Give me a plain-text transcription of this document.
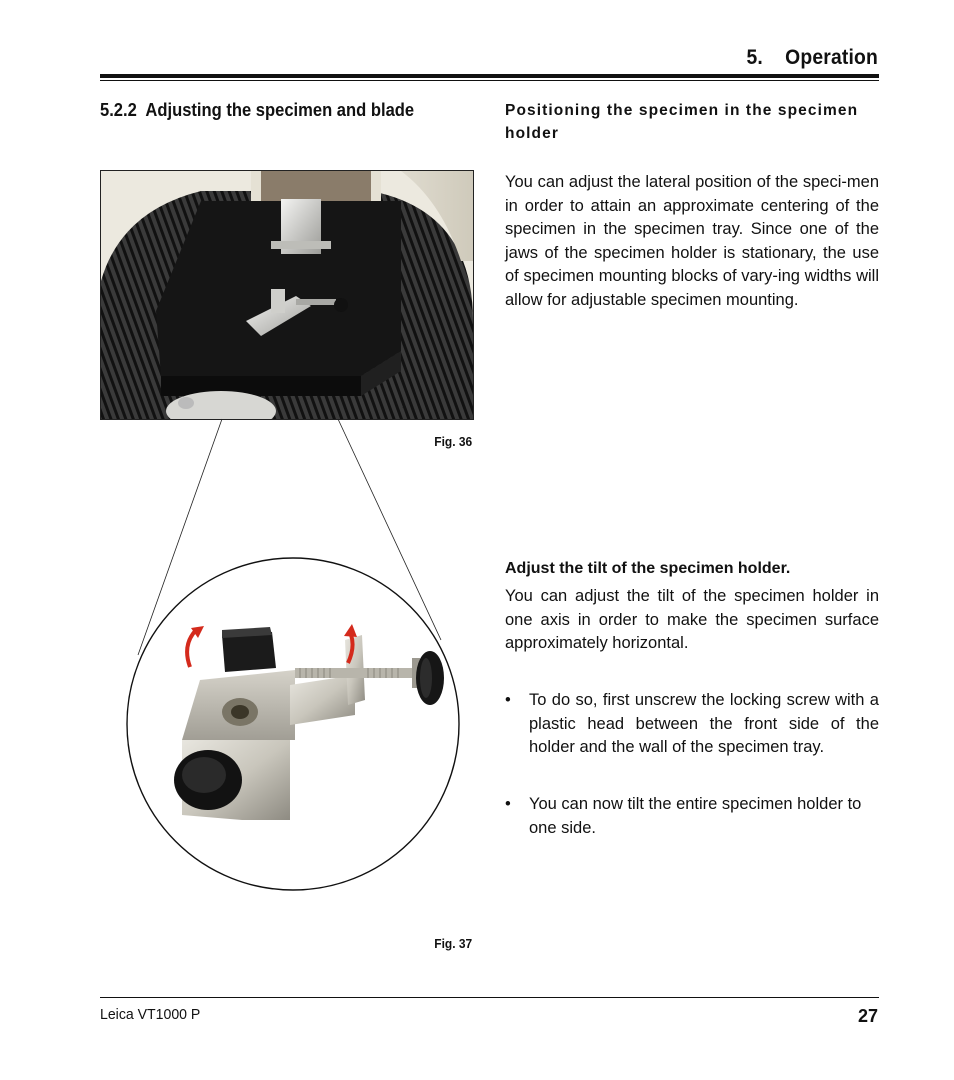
5.    Operation
5.2.2  Adjusting the specimen and blade
Fig. 36
Fig. 37

Positioning the specimen in the specimen holder

You can adjust the lateral position of the speci-men in order to attain an approximate centering of the specimen in the specimen tray. Since one of the jaws of the specimen holder is stationary, the use of specimen mounting blocks of vary-ing widths will allow for adjustable specimen mounting.

Adjust the tilt of the specimen holder.

You can adjust the tilt of the specimen holder in one axis in order to make the specimen surface approximately horizontal.

• To do so, first unscrew the locking screw with a plastic head between the front side of the holder and the wall of the specimen tray.

• You can now tilt the entire specimen holder to one side.

Leica VT1000 P	27
